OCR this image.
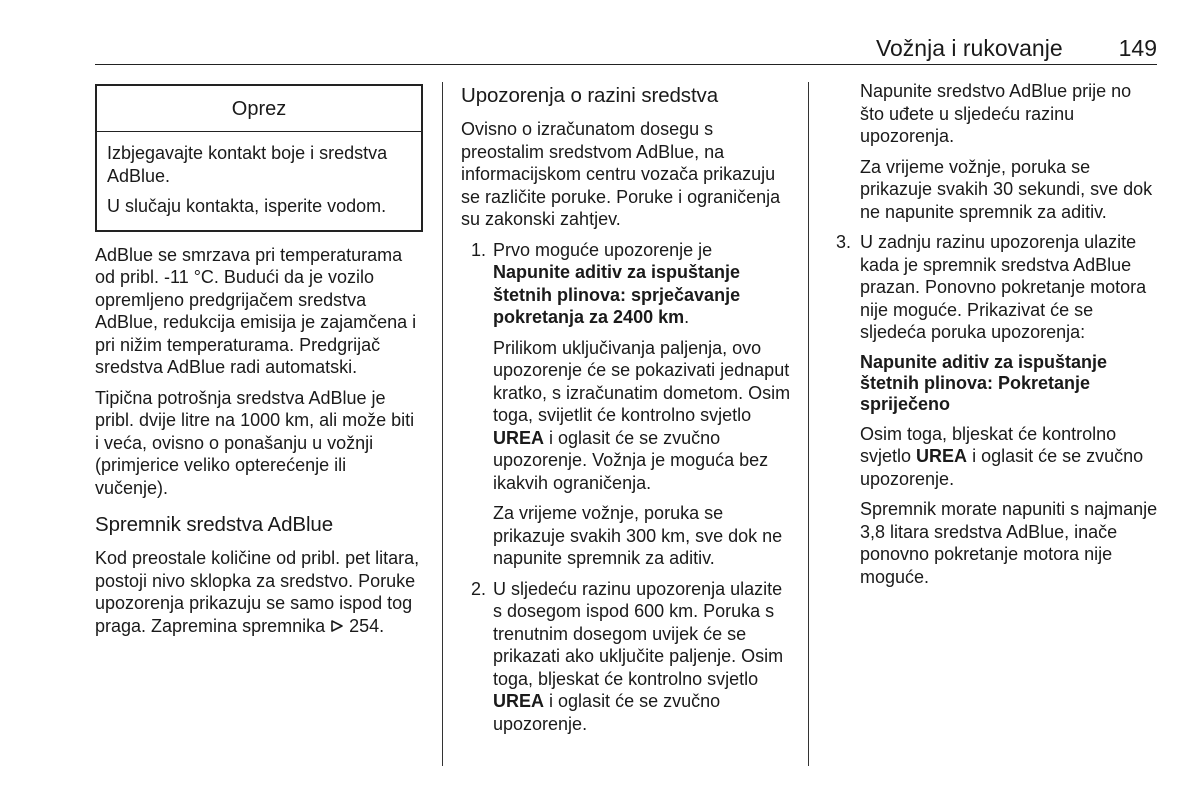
Vožnja i rukovanje 149
Oprez

Izbjegavajte kontakt boje i sredstva AdBlue.

U slučaju kontakta, isperite vodom.

AdBlue se smrzava pri temperaturama od pribl. -11 °C. Budući da je vozilo opremljeno predgrijačem sredstva AdBlue, redukcija emisija je zajamčena i pri nižim temperaturama. Predgrijač sredstva AdBlue radi automatski.

Tipična potrošnja sredstva AdBlue je pribl. dvije litre na 1000 km, ali može biti i veća, ovisno o ponašanju u vožnji (primjerice veliko opterećenje ili vučenje).

Spremnik sredstva AdBlue

Kod preostale količine od pribl. pet litara, postoji nivo sklopka za sredstvo. Poruke upozorenja prikazuju se samo ispod tog praga. Zapremina spremnika 254.

Upozorenja o razini sredstva

Ovisno o izračunatom dosegu s preostalim sredstvom AdBlue, na informacijskom centru vozača prikazuju se različite poruke. Poruke i ograničenja su zakonski zahtjev.

1. Prvo moguće upozorenje je Napunite aditiv za ispuštanje štetnih plinova: sprječavanje pokretanja za 2400 km.

Prilikom uključivanja paljenja, ovo upozorenje će se pokazivati jednaput kratko, s izračunatim dometom. Osim toga, svijetlit će kontrolno svjetlo UREA i oglasit će se zvučno upozorenje. Vožnja je moguća bez ikakvih ograničenja.

Za vrijeme vožnje, poruka se prikazuje svakih 300 km, sve dok ne napunite spremnik za aditiv.

2. U sljedeću razinu upozorenja ulazite s dosegom ispod 600 km. Poruka s trenutnim dosegom uvijek će se prikazati ako uključite paljenje. Osim toga, bljeskat će kontrolno svjetlo UREA i oglasit će se zvučno upozorenje.

Napunite sredstvo AdBlue prije no što uđete u sljedeću razinu upozorenja.

Za vrijeme vožnje, poruka se prikazuje svakih 30 sekundi, sve dok ne napunite spremnik za aditiv.

3. U zadnju razinu upozorenja ulazite kada je spremnik sredstva AdBlue prazan. Ponovno pokretanje motora nije moguće. Prikazivat će se sljedeća poruka upozorenja:

Napunite aditiv za ispuštanje štetnih plinova: Pokretanje spriječeno

Osim toga, bljeskat će kontrolno svjetlo UREA i oglasit će se zvučno upozorenje.

Spremnik morate napuniti s najmanje 3,8 litara sredstva AdBlue, inače ponovno pokretanje motora nije moguće.
